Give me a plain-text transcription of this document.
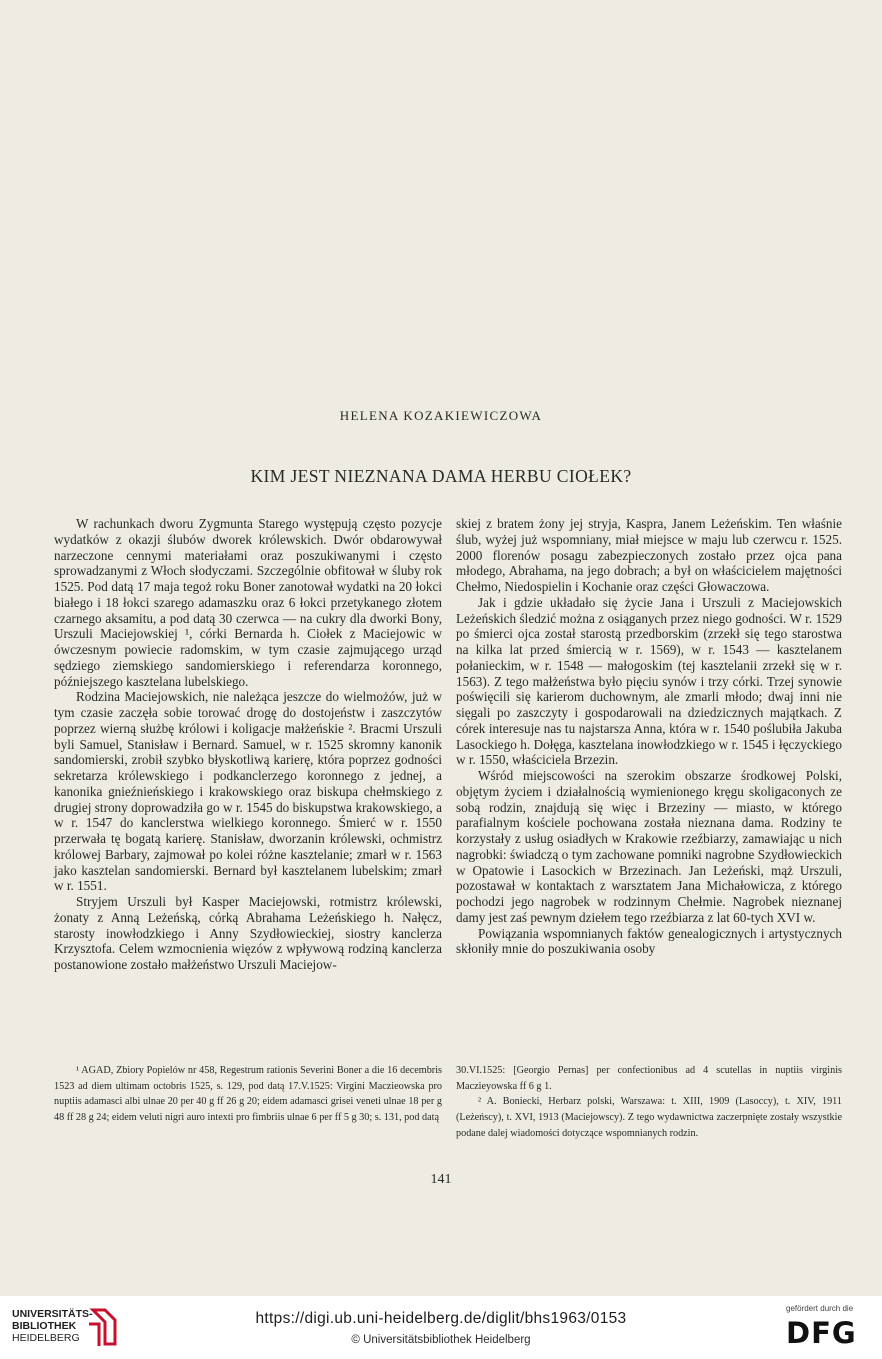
HELENA KOZAKIEWICZOWA
KIM JEST NIEZNANA DAMA HERBU CIOŁEK?

W rachunkach dworu Zygmunta Starego występują często pozycje wydatków z okazji ślubów dworek królewskich. Dwór obdarowywał narzeczone cennymi materiałami oraz poszukiwanymi i często sprowadzanymi z Włoch słodyczami. Szczególnie obfitował w śluby rok 1525. Pod datą 17 maja tegoż roku Boner zanotował wydatki na 20 łokci białego i 18 łokci szarego adamaszku oraz 6 łokci przetykanego złotem czarnego aksamitu, a pod datą 30 czerwca — na cukry dla dworki Bony, Urszuli Maciejowskiej ¹, córki Bernarda h. Ciołek z Maciejowic w ówczesnym powiecie radomskim, w tym czasie zajmującego urząd sędziego ziemskiego sandomierskiego i referendarza koronnego, późniejszego kasztelana lubelskiego.

Rodzina Maciejowskich, nie należąca jeszcze do wielmożów, już w tym czasie zaczęła sobie torować drogę do dostojeństw i zaszczytów poprzez wierną służbę królowi i koligacje małżeńskie ². Bracmi Urszuli byli Samuel, Stanisław i Bernard. Samuel, w r. 1525 skromny kanonik sandomierski, zrobił szybko błyskotliwą karierę, która poprzez godności sekretarza królewskiego i podkanclerzego koronnego z jednej, a kanonika gnieźnieńskiego i krakowskiego oraz biskupa chełmskiego z drugiej strony doprowadziła go w r. 1545 do biskupstwa krakowskiego, a w r. 1547 do kanclerstwa wielkiego koronnego. Śmierć w r. 1550 przerwała tę bogatą karierę. Stanisław, dworzanin królewski, ochmistrz królowej Barbary, zajmował po kolei różne kasztelanie; zmarł w r. 1563 jako kasztelan sandomierski. Bernard był kasztelanem lubelskim; zmarł w r. 1551.

Stryjem Urszuli był Kasper Maciejowski, rotmistrz królewski, żonaty z Anną Leżeńską, córką Abrahama Leżeńskiego h. Nałęcz, starosty inowłodzkiego i Anny Szydłowieckiej, siostry kanclerza Krzysztofa. Celem wzmocnienia więzów z wpływową rodziną kanclerza postanowione zostało małżeństwo Urszuli Maciejow-

skiej z bratem żony jej stryja, Kaspra, Janem Leżeńskim. Ten właśnie ślub, wyżej już wspomniany, miał miejsce w maju lub czerwcu r. 1525. 2000 florenów posagu zabezpieczonych zostało przez ojca pana młodego, Abrahama, na jego dobrach; a był on właścicielem majętności Chełmo, Niedospielin i Kochanie oraz części Głowaczowa.

Jak i gdzie układało się życie Jana i Urszuli z Maciejowskich Leżeńskich śledzić można z osiąganych przez niego godności. W r. 1529 po śmierci ojca został starostą przedborskim (zrzekł się tego starostwa na kilka lat przed śmiercią w r. 1569), w r. 1543 — kasztelanem połanieckim, w r. 1548 — małogoskim (tej kasztelanii zrzekł się w r. 1563). Z tego małżeństwa było pięciu synów i trzy córki. Trzej synowie poświęcili się karierom duchownym, ale zmarli młodo; dwaj inni nie sięgali po zaszczyty i gospodarowali na dziedzicznych majątkach. Z córek interesuje nas tu najstarsza Anna, która w r. 1540 poślubiła Jakuba Lasockiego h. Dołęga, kasztelana inowłodzkiego w r. 1545 i łęczyckiego w r. 1550, właściciela Brzezin.

Wśród miejscowości na szerokim obszarze środkowej Polski, objętym życiem i działalnością wymienionego kręgu skoligaconych ze sobą rodzin, znajdują się więc i Brzeziny — miasto, w którego parafialnym kościele pochowana została nieznana dama. Rodziny te korzystały z usług osiadłych w Krakowie rzeźbiarzy, zamawiając u nich nagrobki: świadczą o tym zachowane pomniki nagrobne Szydłowieckich w Opatowie i Lasockich w Brzezinach. Jan Leżeński, mąż Urszuli, pozostawał w kontaktach z warsztatem Jana Michałowicza, z którego pochodzi jego nagrobek w rodzinnym Chełmie. Nagrobek nieznanej damy jest zaś pewnym dziełem tego rzeźbiarza z lat 60-tych XVI w.

Powiązania wspomnianych faktów genealogicznych i artystycznych skłoniły mnie do poszukiwania osoby

¹ AGAD, Zbiory Popielów nr 458, Regestrum rationis Severini Boner a die 16 decembris 1523 ad diem ultimam octobris 1525, s. 129, pod datą 17.V.1525: Virgini Maczieowska pro nuptiis adamasci albi ulnae 20 per 40 g ff 26 g 20; eidem adamasci grisei veneti ulnae 18 per g 48 ff 28 g 24; eidem veluti nigri auro intexti pro fimbriis ulnae 6 per ff 5 g 30; s. 131, pod datą

30.VI.1525: [Georgio Pernas] per confectionibus ad 4 scutellas in nuptiis virginis Maczieyowska ff 6 g 1.

² A. Boniecki, Herbarz polski, Warszawa: t. XIII, 1909 (Lasoccy), t. XIV, 1911 (Leżeńscy), t. XVI, 1913 (Maciejowscy). Z tego wydawnictwa zaczerpnięte zostały wszystkie podane dalej wiadomości dotyczące wspomnianych rodzin.

141
UNIVERSITÄTS-
BIBLIOTHEK
HEIDELBERG
https://digi.ub.uni-heidelberg.de/diglit/bhs1963/0153
© Universitätsbibliothek Heidelberg
gefördert durch die
DFG
